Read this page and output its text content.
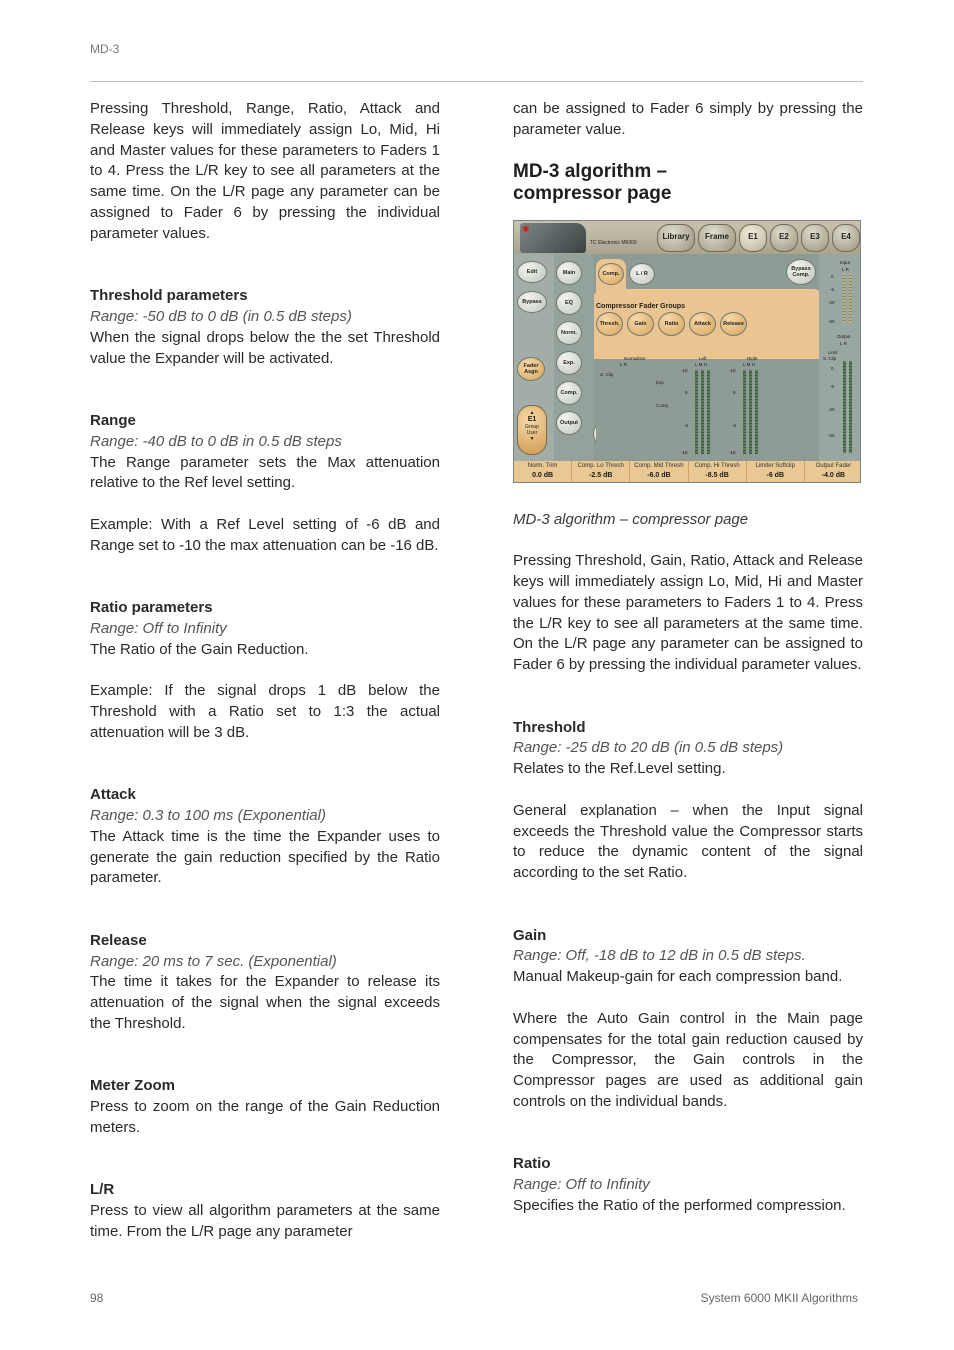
MD-3

Pressing Threshold, Range, Ratio, Attack and Release keys will immediately assign Lo, Mid, Hi and Master values for these parameters to Faders 1 to 4. Press the L/R key to see all parameters at the same time. On the L/R page any parameter can be assigned to Fader 6 by pressing the individual parameter values.

Threshold parameters

Range: -50 dB to 0 dB (in 0.5 dB steps)

When the signal drops below the the set Threshold value the Expander will be activated.

Range

Range: -40 dB to 0 dB in 0.5 dB steps

The Range parameter sets the Max attenuation relative to the Ref level setting.

Example: With a Ref Level setting of -6 dB and Range set to -10 the max attenuation can be -16 dB.

Ratio parameters

Range: Off to Infinity

The Ratio of the Gain Reduction.

Example: If the signal drops 1 dB below the Threshold with a Ratio set to 1:3 the actual attenuation will be 3 dB.

Attack

Range: 0.3 to 100 ms (Exponential)

The Attack time is the time the Expander uses to generate the gain reduction specified by the Ratio parameter.

Release

Range: 20 ms to 7 sec. (Exponential)

The time it takes for the Expander to release its attenuation of the signal when the signal exceeds the Threshold.

Meter Zoom

Press to zoom on the range of the Gain Reduction meters.

L/R

Press to view all algorithm parameters at the same time. From the L/R page any parameter

can be assigned to Fader 6 simply by pressing the parameter value.

MD-3 algorithm –
compressor page
✱
TC Electronic M6000
Library	Frame	E1	E2	E3	E4
Edit
Bypass
Fader Asgn
▲
E1
Group
User
▼
Main
EQ
Norm.
Exp.
Comp.
Output
Comp.	L / R
Bypass Comp.
Compressor Fader Groups
Thresh.	Gain	Ratio	Attack	Release
Normalizer
L R
S. Clip
Exp.
Comp.
Left
L M H
Right
L M H
-18
0
-6
-18
-18
0
-6
-18
Input
L R
0
-6
-20
-60
Output
L R
Limit
S. Clip
0
-6
-20
-60
Norm. Trim
0.0 dB
Comp. Lo Thresh
-2.5 dB
Comp. Mid Thresh
-6.0 dB
Comp. Hi Thresh
-8.5 dB
Limiter Softclip
-6 dB
Output Fader
-4.0 dB

MD-3 algorithm – compressor page

Pressing Threshold, Gain, Ratio, Attack and Release keys will immediately assign Lo, Mid, Hi and Master values for these parameters to Faders 1 to 4. Press the L/R key to see all parameters at the same time. On the L/R page any parameter can be assigned to Fader 6 by pressing the individual parameter values.

Threshold

Range: -25 dB to 20 dB (in 0.5 dB steps)

Relates to the Ref.Level setting.

General explanation – when the Input signal exceeds the Threshold value the Compressor starts to reduce the dynamic content of the signal according to the set Ratio.

Gain

Range: Off, -18 dB to 12 dB in 0.5 dB steps.

Manual Makeup-gain for each compression band.

Where the Auto Gain control in the Main page compensates for the total gain reduction caused by the Compressor, the Gain controls in the Compressor pages are used as additional gain controls on the individual bands.

Ratio

Range: Off to Infinity

Specifies the Ratio of the performed compression.

98	System 6000 MKII Algorithms
